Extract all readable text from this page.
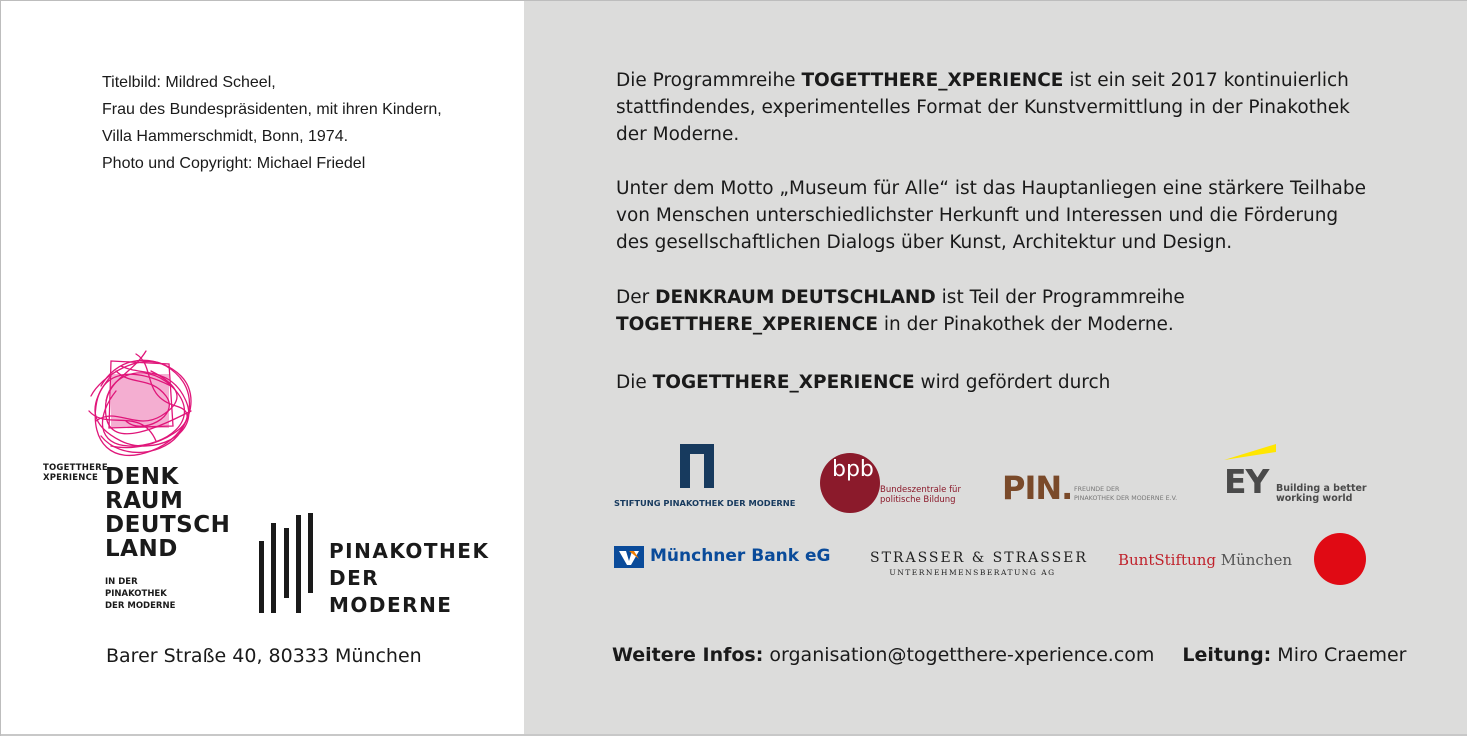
Titelbild: Mildred Scheel,
Frau des Bundespräsidenten, mit ihren Kindern,
Villa Hammerschmidt, Bonn, 1974.
Photo und Copyright: Michael Friedel
TOGETTHERE
XPERIENCE DENK
RAUM
DEUTSCH
LAND
IN DER
PINAKOTHEK
DER MODERNE
PINAKOTHEK
DER
MODERNE
Barer Straße 40, 80333 München
Die Programmreihe TOGETTHERE_XPERIENCE ist ein seit 2017 kontinuierlich
stattfindendes, experimentelles Format der Kunstvermittlung in der Pinakothek
der Moderne.
Unter dem Motto „Museum für Alle“ ist das Hauptanliegen eine stärkere Teilhabe
von Menschen unterschiedlichster Herkunft und Interessen und die Förderung
des gesellschaftlichen Dialogs über Kunst, Architektur und Design.
Der DENKRAUM DEUTSCHLAND ist Teil der Programmreihe
TOGETTHERE_XPERIENCE in der Pinakothek der Moderne.
Die TOGETTHERE_XPERIENCE wird gefördert durch
STIFTUNG PINAKOTHEK DER MODERNE
bpb
Bundeszentrale für
politische Bildung PIN. FREUNDE DER
PINAKOTHEK DER MODERNE E.V. EY Building a better
working world
Münchner Bank eG	STRASSER & STRASSER
UNTERNEHMENSBERATUNG AG
BuntStiftung München
Weitere Infos: organisation@togetthere-xperience.com Leitung: Miro Craemer
